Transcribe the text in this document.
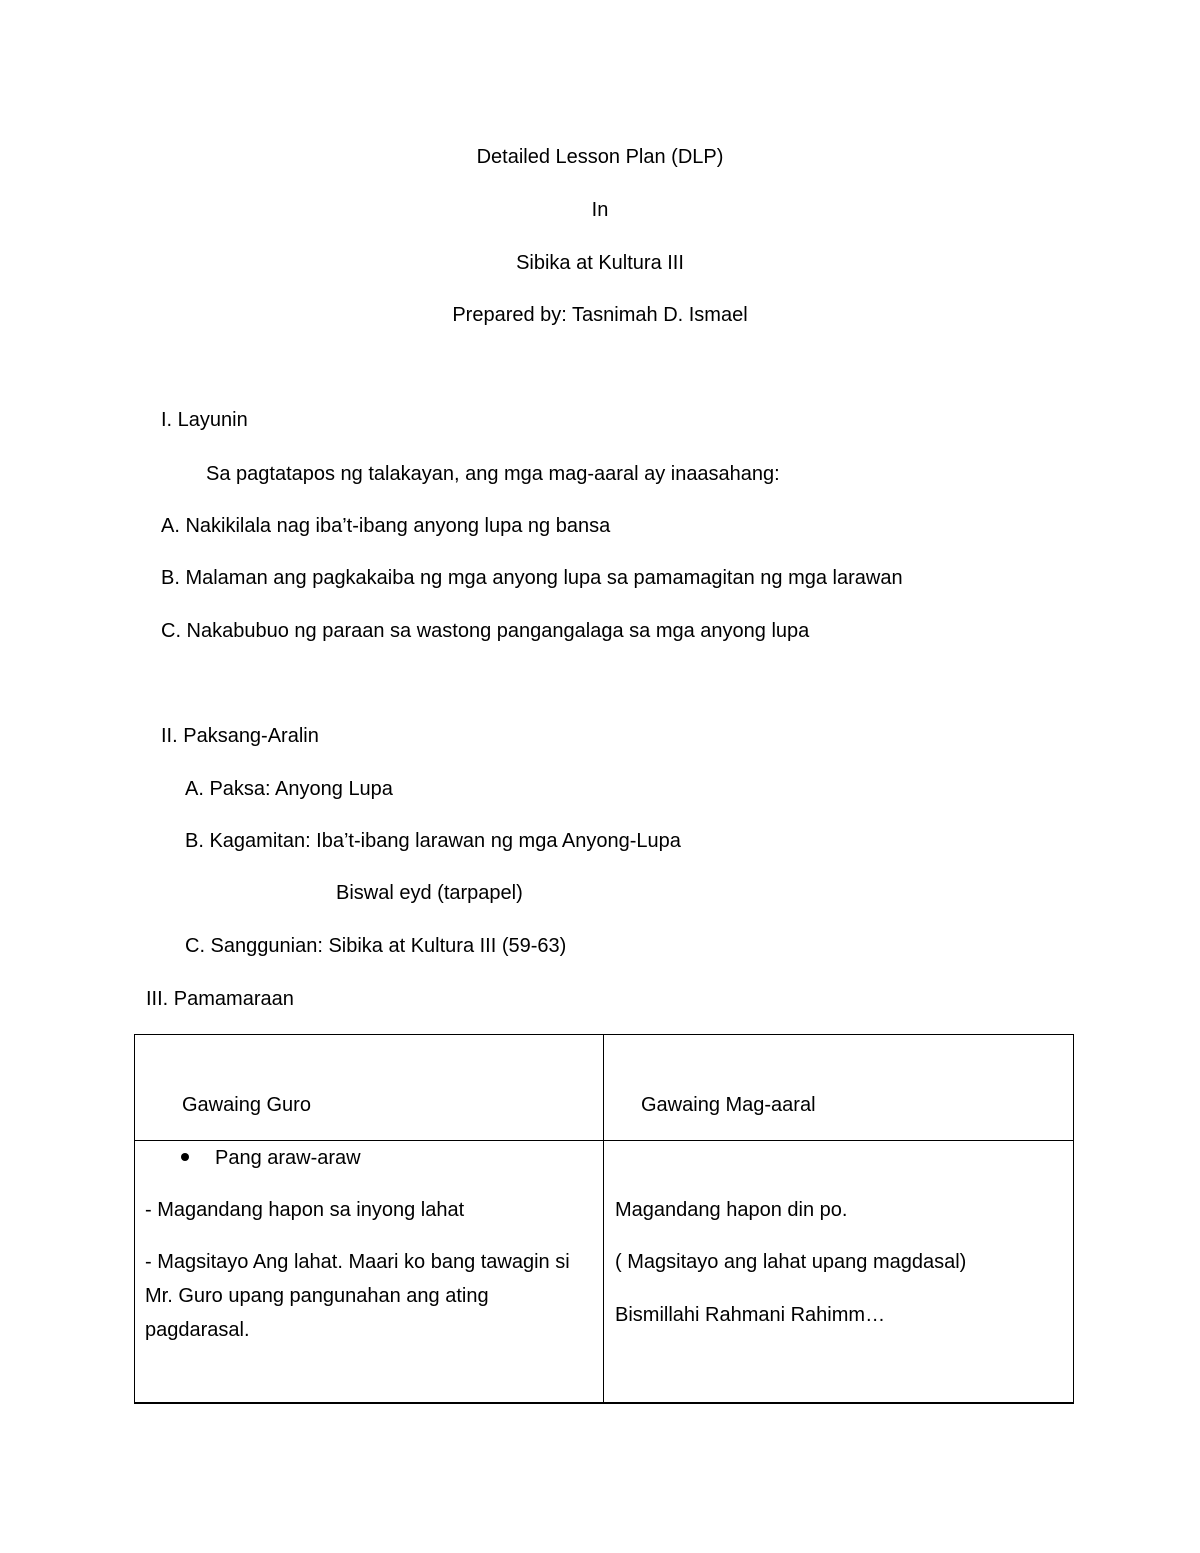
Detailed Lesson Plan (DLP)
In
Sibika at Kultura III
Prepared by: Tasnimah D. Ismael
I. Layunin
Sa pagtatapos ng talakayan, ang mga mag-aaral ay inaasahang:
A. Nakikilala nag iba’t-ibang anyong lupa ng bansa
B. Malaman ang pagkakaiba ng mga anyong lupa sa pamamagitan ng mga larawan
C. Nakabubuo ng paraan sa wastong pangangalaga sa mga anyong lupa
II. Paksang-Aralin
A. Paksa: Anyong Lupa
B. Kagamitan: Iba’t-ibang larawan ng mga Anyong-Lupa
Biswal eyd (tarpapel)
C. Sanggunian: Sibika at Kultura III (59-63)
III. Pamamaraan
Gawaing Guro	Gawaing Mag-aaral
Pang araw-araw
- Magandang hapon sa inyong lahat
- Magsitayo Ang lahat. Maari ko bang tawagin si Mr. Guro upang pangunahan ang ating pagdarasal.
Magandang hapon din po.
( Magsitayo ang lahat upang magdasal)
Bismillahi Rahmani Rahimm…
